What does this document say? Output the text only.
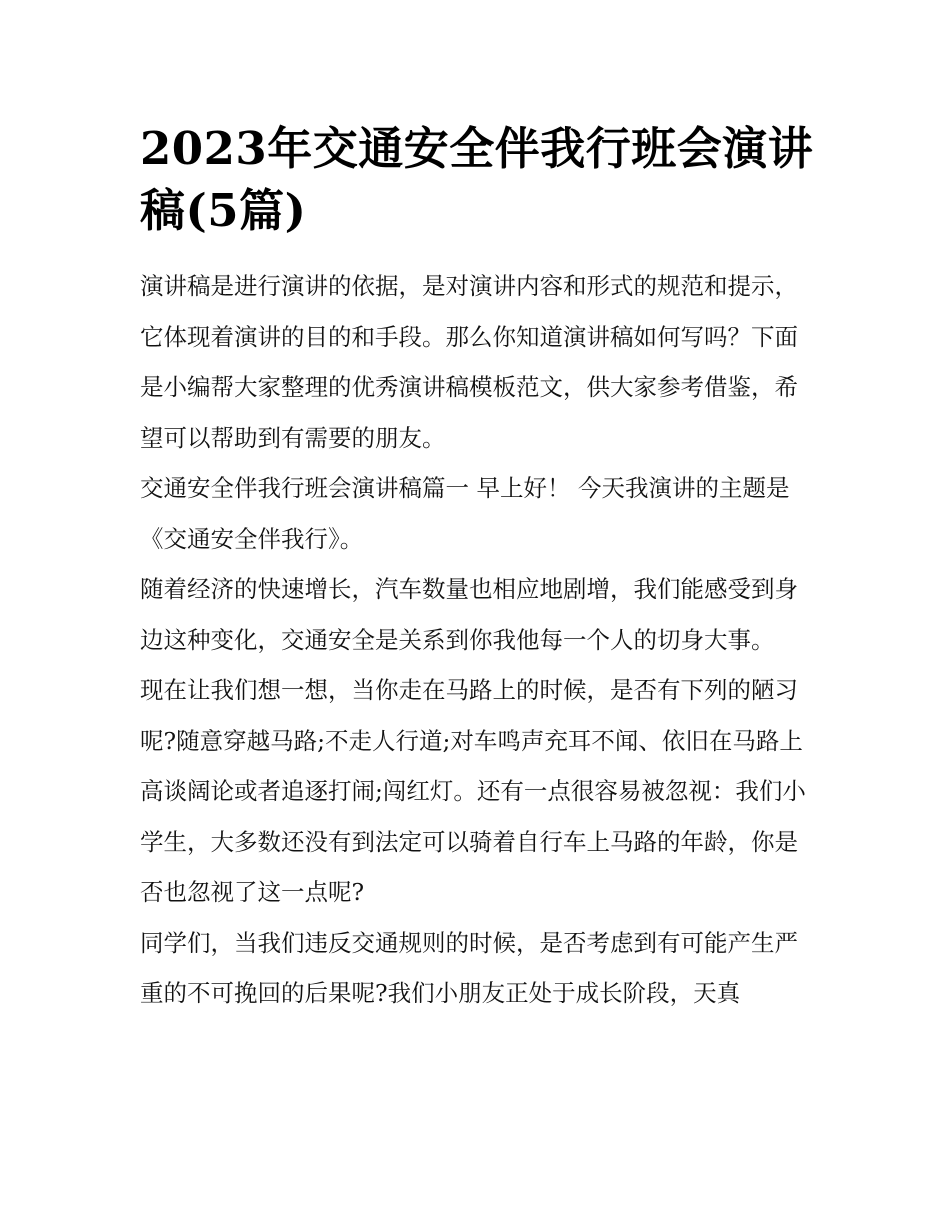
2023年交通安全伴我行班会演讲稿(5篇)

演讲稿是进行演讲的依据，是对演讲内容和形式的规范和提示，它体现着演讲的目的和手段。那么你知道演讲稿如何写吗？下面是小编帮大家整理的优秀演讲稿模板范文，供大家参考借鉴，希望可以帮助到有需要的朋友。

交通安全伴我行班会演讲稿篇一 早上好！ 今天我演讲的主题是《交通安全伴我行》。

随着经济的快速增长，汽车数量也相应地剧增，我们能感受到身边这种变化，交通安全是关系到你我他每一个人的切身大事。

现在让我们想一想，当你走在马路上的时候，是否有下列的陋习呢?随意穿越马路;不走人行道;对车鸣声充耳不闻、依旧在马路上高谈阔论或者追逐打闹;闯红灯。还有一点很容易被忽视：我们小学生，大多数还没有到法定可以骑着自行车上马路的年龄，你是否也忽视了这一点呢?

同学们，当我们违反交通规则的时候，是否考虑到有可能产生严重的不可挽回的后果呢?我们小朋友正处于成长阶段，天真
